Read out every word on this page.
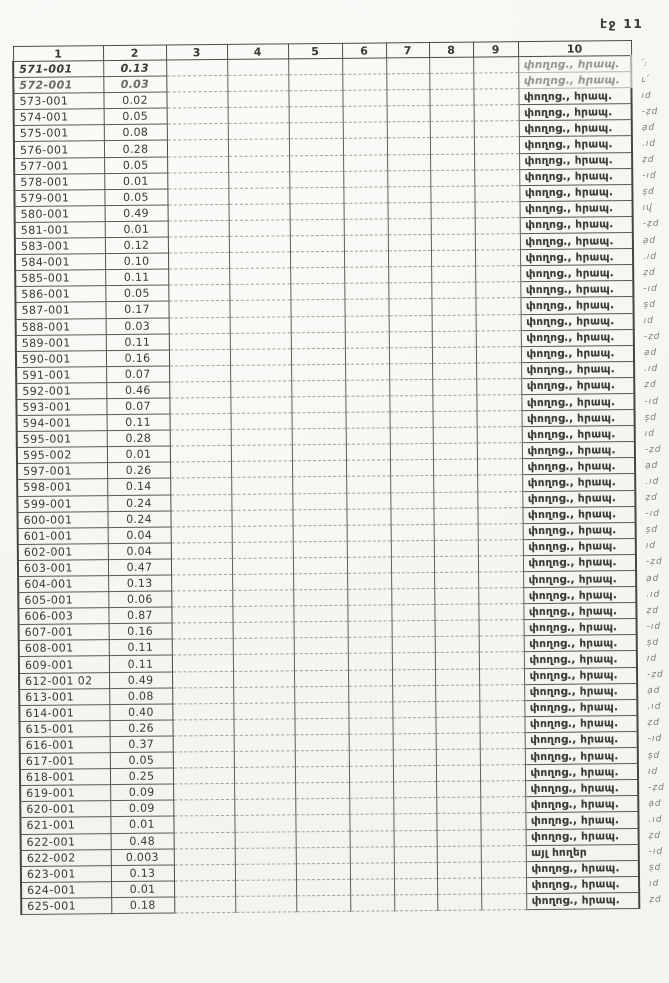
էջ 11
1	2	3	4	5	6	7	8	9	10	
571-001	0.13								փողոց., հրապ.	՛։
572-001	0.03								փողոց., հրապ.	ւ՛
573-001	0.02								փողոց., հրապ.	ıd
574-001	0.05								փողոց., հրապ.	-ẓd
575-001	0.08								փողոց., հրապ.	ạd
576-001	0.28								փողոց., հրապ.	.ıd
577-001	0.05								փողոց., հրապ.	ẓd
578-001	0.01								փողոց., հրապ.	-ıd
579-001	0.05								փողոց., հրապ.	șd
580-001	0.49								փողոց., հրապ.	ıվ
581-001	0.01								փողոց., հրապ.	-ẓd
583-001	0.12								փողոց., հրապ.	ạd
584-001	0.10								փողոց., հրապ.	.ıd
585-001	0.11								փողոց., հրապ.	ẓd
586-001	0.05								փողոց., հրապ.	-ıd
587-001	0.17								փողոց., հրապ.	șd
588-001	0.03								փողոց., հրապ.	ıd
589-001	0.11								փողոց., հրապ.	-ẓd
590-001	0.16								փողոց., հրապ.	ạd
591-001	0.07								փողոց., հրապ.	.ıd
592-001	0.46								փողոց., հրապ.	ẓd
593-001	0.07								փողոց., հրապ.	-ıd
594-001	0.11								փողոց., հրապ.	șd
595-001	0.28								փողոց., հրապ.	ıd
595-002	0.01								փողոց., հրապ.	-ẓd
597-001	0.26								փողոց., հրապ.	ạd
598-001	0.14								փողոց., հրապ.	.ıd
599-001	0.24								փողոց., հրապ.	ẓd
600-001	0.24								փողոց., հրապ.	-ıd
601-001	0.04								փողոց., հրապ.	șd
602-001	0.04								փողոց., հրապ.	ıd
603-001	0.47								փողոց., հրապ.	-ẓd
604-001	0.13								փողոց., հրապ.	ạd
605-001	0.06								փողոց., հրապ.	.ıd
606-003	0.87								փողոց., հրապ.	ẓd
607-001	0.16								փողոց., հրապ.	-ıd
608-001	0.11								փողոց., հրապ.	șd
609-001	0.11								փողոց., հրապ.	ıd
612-001 02	0.49								փողոց., հրապ.	-ẓd
613-001	0.08								փողոց., հրապ.	ạd
614-001	0.40								փողոց., հրապ.	.ıd
615-001	0.26								փողոց., հրապ.	ẓd
616-001	0.37								փողոց., հրապ.	-ıd
617-001	0.05								փողոց., հրապ.	șd
618-001	0.25								փողոց., հրապ.	ıd
619-001	0.09								փողոց., հրապ.	-ẓd
620-001	0.09								փողոց., հրապ.	ạd
621-001	0.01								փողոց., հրապ.	.ıd
622-001	0.48								փողոց., հրապ.	ẓd
622-002	0.003								այլ հողեր	-ıd
623-001	0.13								փողոց., հրապ.	șd
624-001	0.01								փողոց., հրապ.	ıd
625-001	0.18								փողոց., հրապ.	ẓd
